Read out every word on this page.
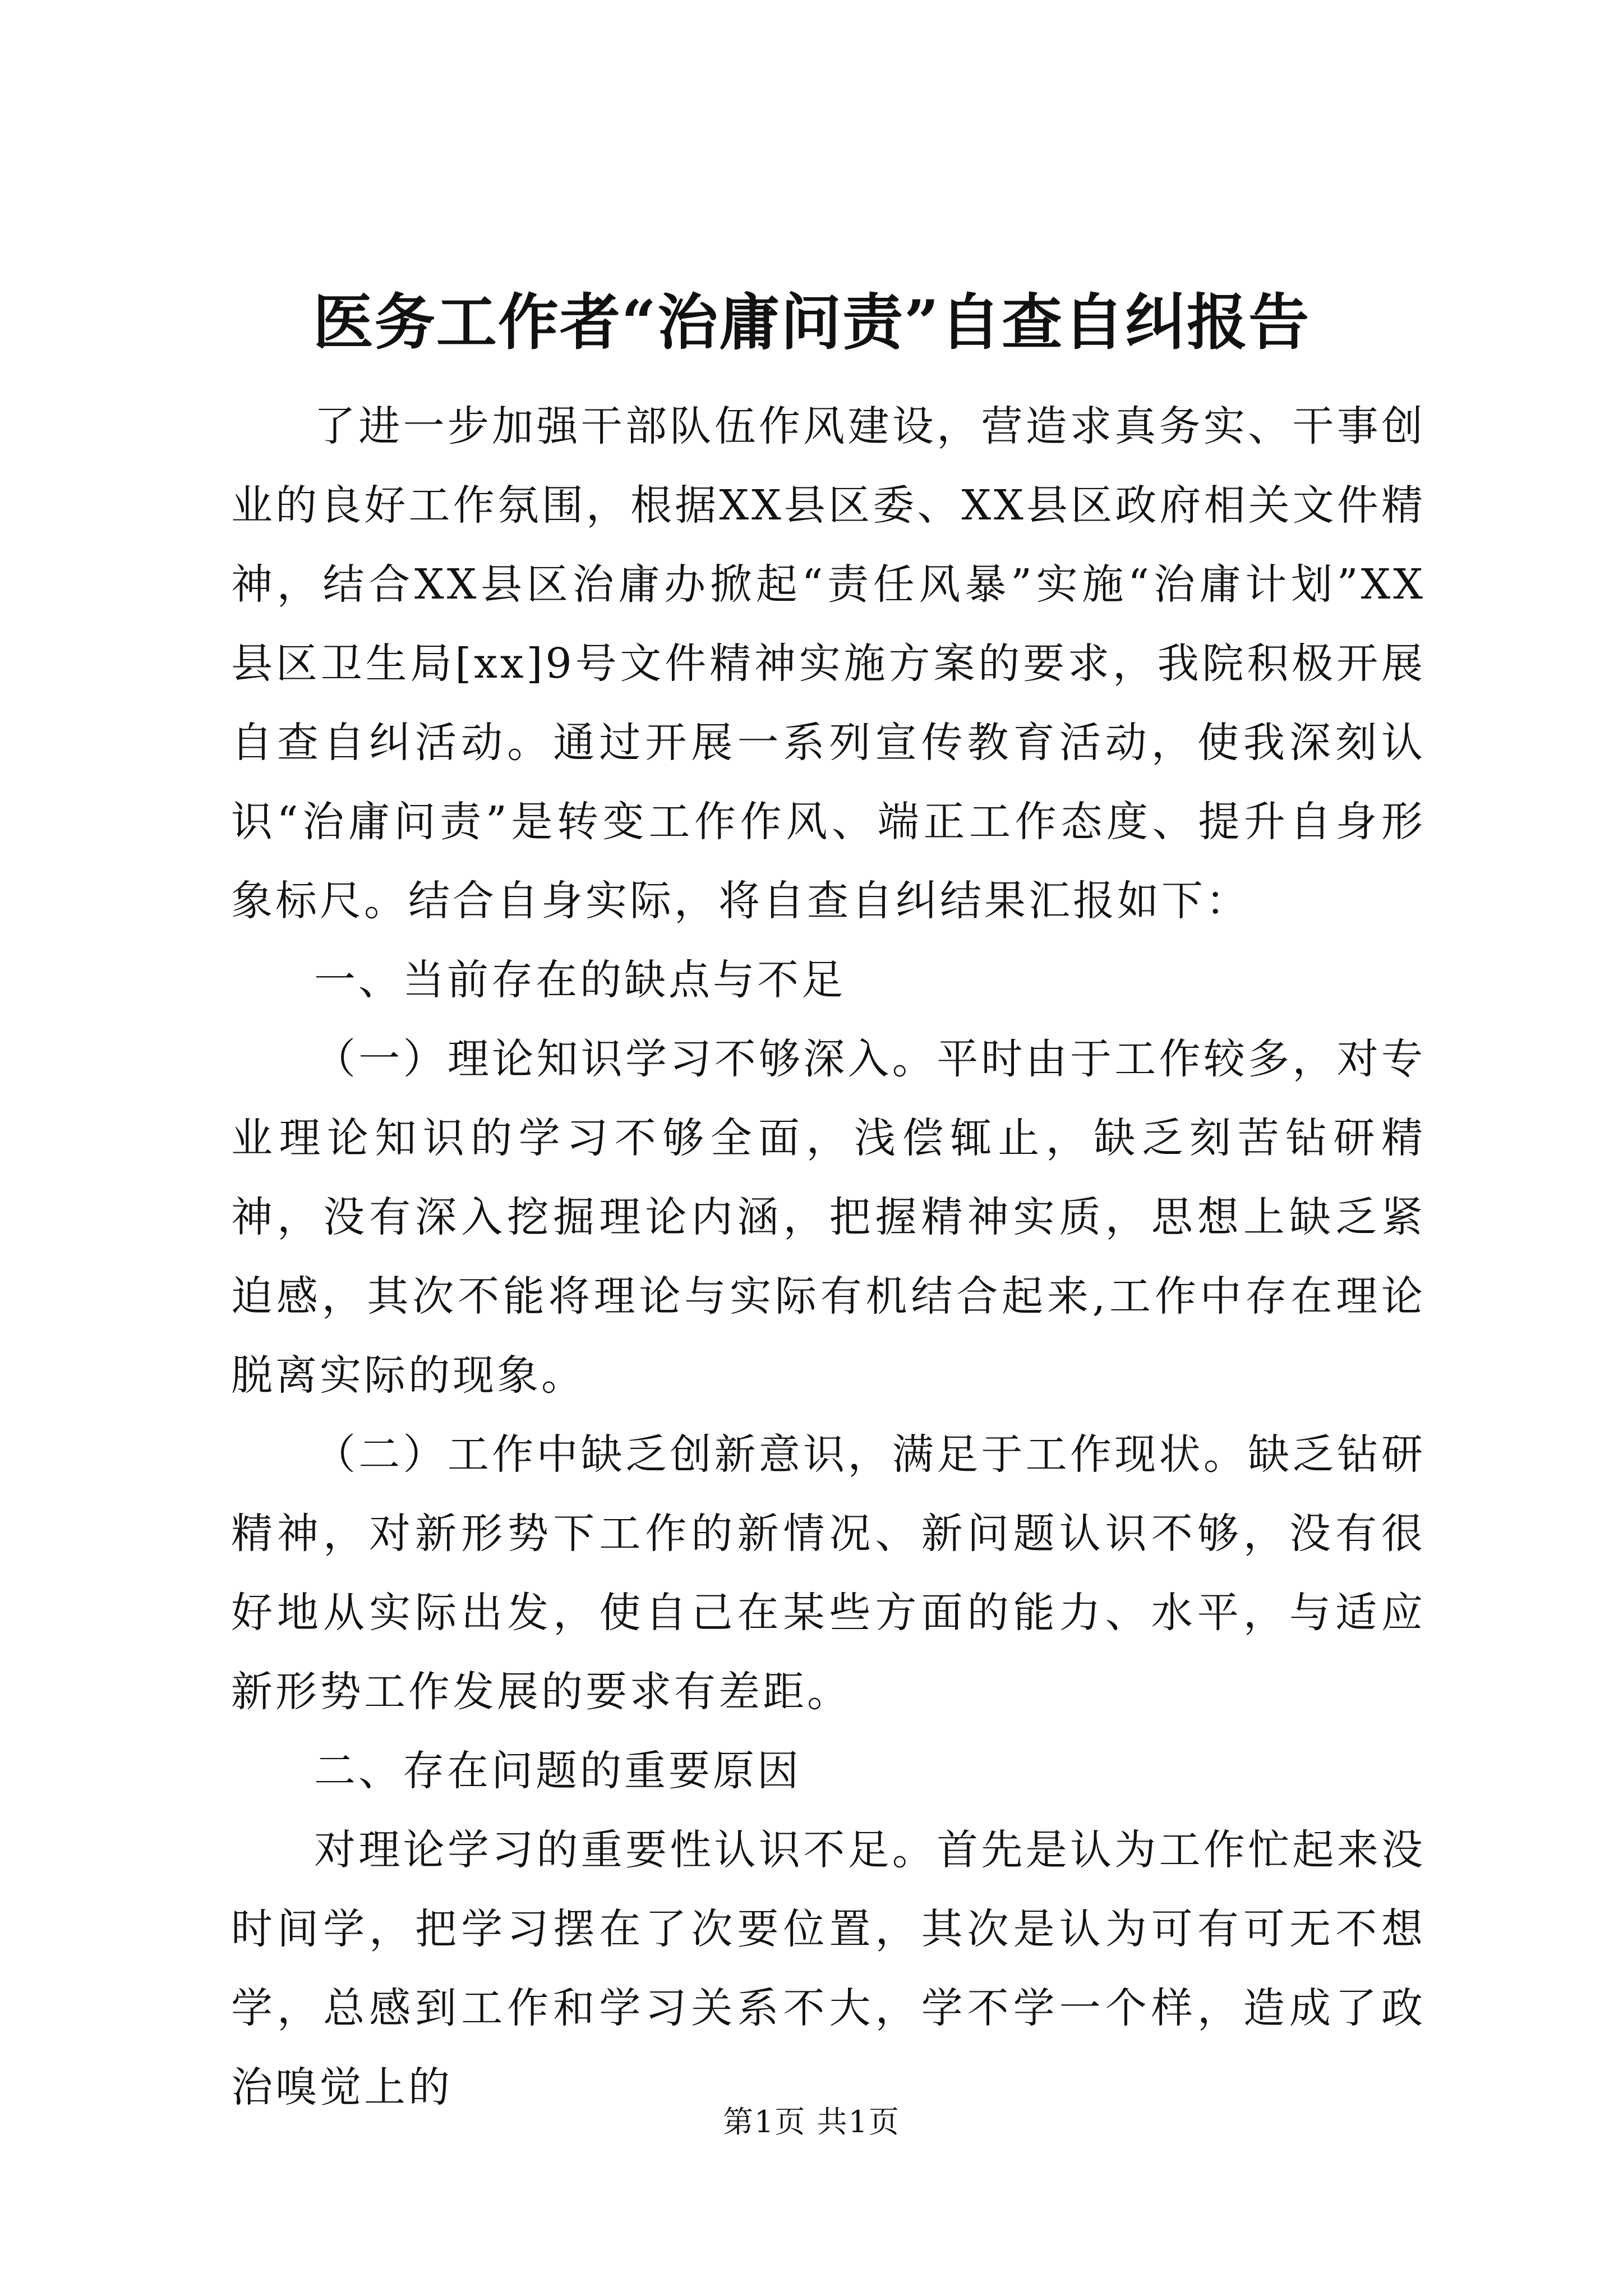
医务工作者“治庸问责”自查自纠报告

了进一步加强干部队伍作风建设，营造求真务实、干事创业的良好工作氛围，根据XX县区委、XX县区政府相关文件精神，结合XX县区治庸办掀起“责任风暴”实施“治庸计划”XX县区卫生局[xx]9号文件精神实施方案的要求，我院积极开展自查自纠活动。通过开展一系列宣传教育活动，使我深刻认识“治庸问责”是转变工作作风、端正工作态度、提升自身形象标尺。结合自身实际，将自查自纠结果汇报如下：

一、当前存在的缺点与不足

（一）理论知识学习不够深入。平时由于工作较多，对专业理论知识的学习不够全面，浅偿辄止，缺乏刻苦钻研精神，没有深入挖掘理论内涵，把握精神实质，思想上缺乏紧迫感，其次不能将理论与实际有机结合起来,工作中存在理论脱离实际的现象。

（二）工作中缺乏创新意识，满足于工作现状。缺乏钻研精神，对新形势下工作的新情况、新问题认识不够，没有很好地从实际出发，使自己在某些方面的能力、水平，与适应新形势工作发展的要求有差距。

二、存在问题的重要原因

对理论学习的重要性认识不足。首先是认为工作忙起来没时间学，把学习摆在了次要位置，其次是认为可有可无不想学，总感到工作和学习关系不大，学不学一个样，造成了政治嗅觉上的

第1页 共1页
